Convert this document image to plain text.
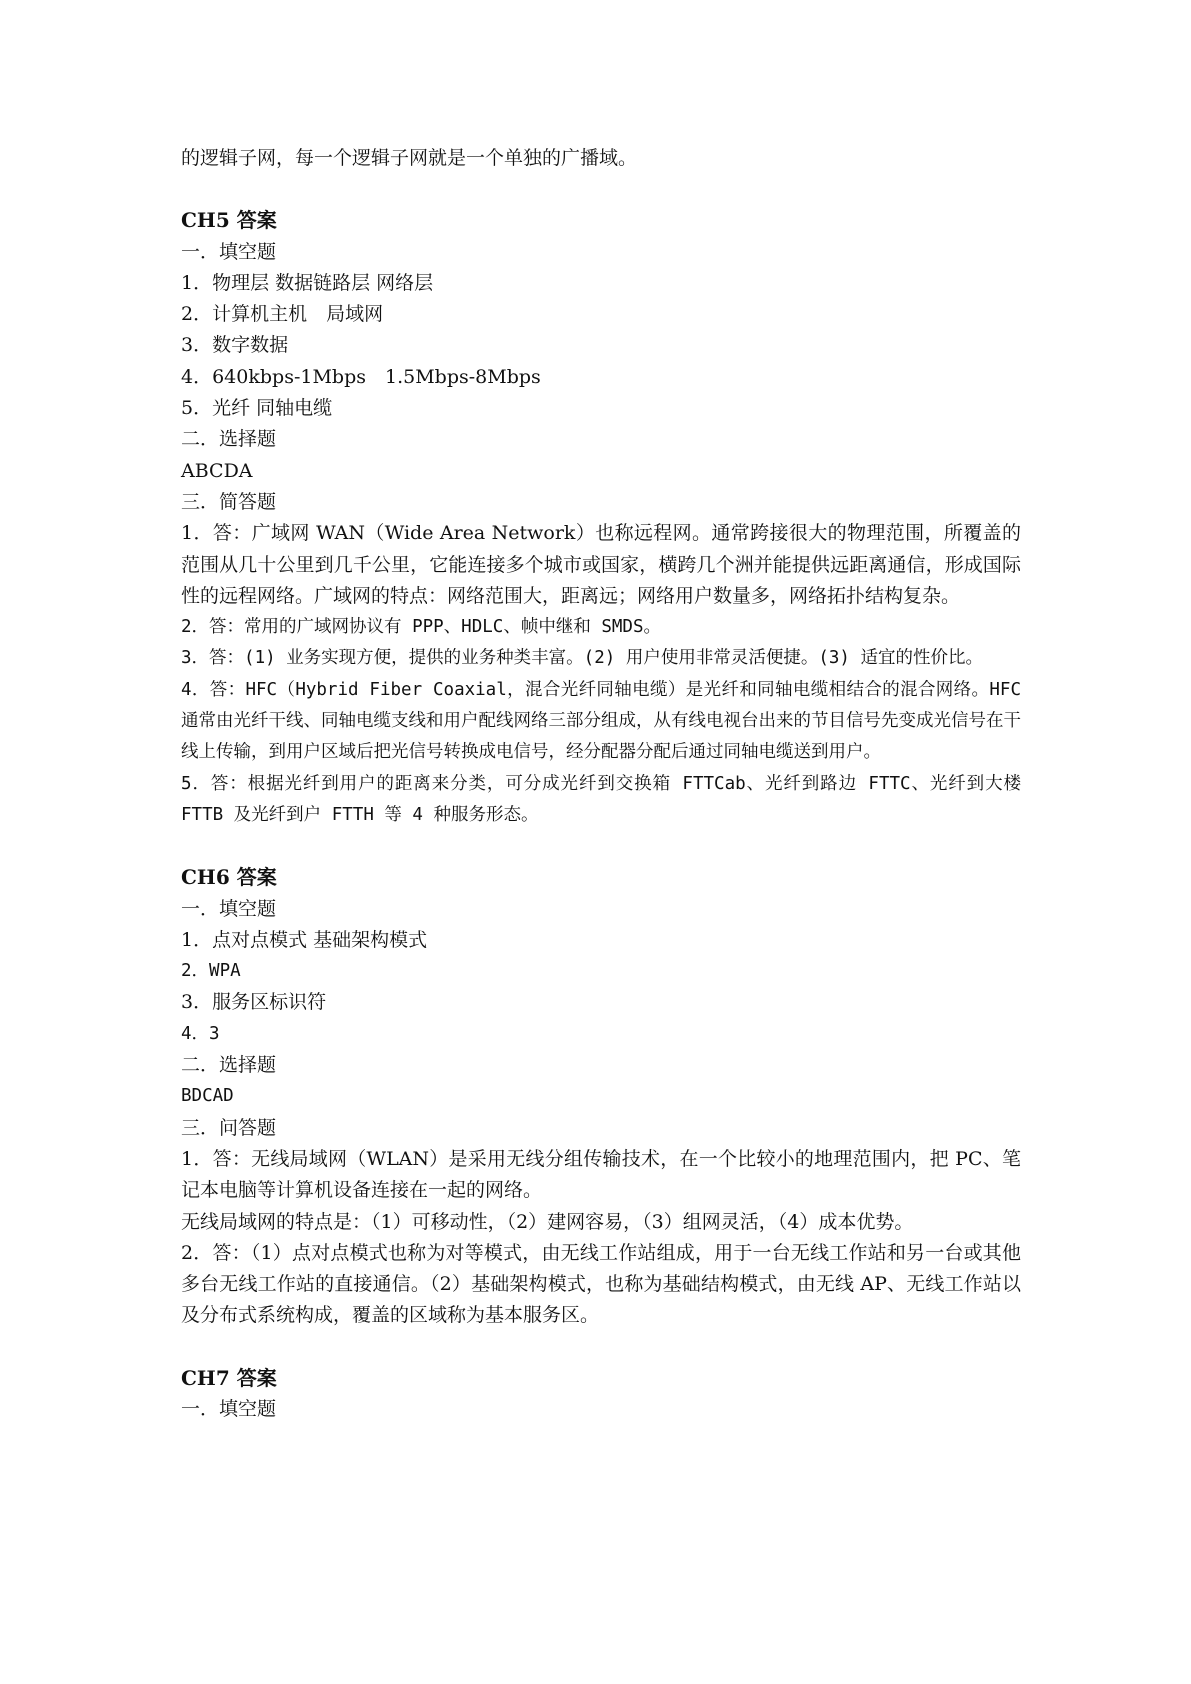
的逻辑子网，每一个逻辑子网就是一个单独的广播域。
CH5 答案
一．填空题
1．物理层 数据链路层 网络层
2．计算机主机　局域网
3．数字数据
4．640kbps-1Mbps　1.5Mbps-8Mbps
5．光纤 同轴电缆
二．选择题
ABCDA
三．简答题
1．答：广域网 WAN（Wide Area Network）也称远程网。通常跨接很大的物理范围，所覆盖的范围从几十公里到几千公里，它能连接多个城市或国家，横跨几个洲并能提供远距离通信，形成国际性的远程网络。广域网的特点：网络范围大，距离远；网络用户数量多，网络拓扑结构复杂。
2．答：常用的广域网协议有 PPP、HDLC、帧中继和 SMDS。
3．答：(1) 业务实现方便，提供的业务种类丰富。(2) 用户使用非常灵活便捷。(3) 适宜的性价比。
4．答：HFC（Hybrid Fiber Coaxial，混合光纤同轴电缆）是光纤和同轴电缆相结合的混合网络。HFC 通常由光纤干线、同轴电缆支线和用户配线网络三部分组成，从有线电视台出来的节目信号先变成光信号在干线上传输，到用户区域后把光信号转换成电信号，经分配器分配后通过同轴电缆送到用户。
5．答：根据光纤到用户的距离来分类，可分成光纤到交换箱 FTTCab、光纤到路边 FTTC、光纤到大楼 FTTB 及光纤到户 FTTH 等 4 种服务形态。
CH6 答案
一．填空题
1．点对点模式 基础架构模式
2．WPA
3．服务区标识符
4．3
二．选择题
BDCAD
三．问答题
1．答：无线局域网（WLAN）是采用无线分组传输技术，在一个比较小的地理范围内，把 PC、笔记本电脑等计算机设备连接在一起的网络。
无线局域网的特点是：（1）可移动性，（2）建网容易，（3）组网灵活，（4）成本优势。
2．答：（1）点对点模式也称为对等模式，由无线工作站组成，用于一台无线工作站和另一台或其他多台无线工作站的直接通信。（2）基础架构模式，也称为基础结构模式，由无线 AP、无线工作站以及分布式系统构成，覆盖的区域称为基本服务区。
CH7 答案
一．填空题
